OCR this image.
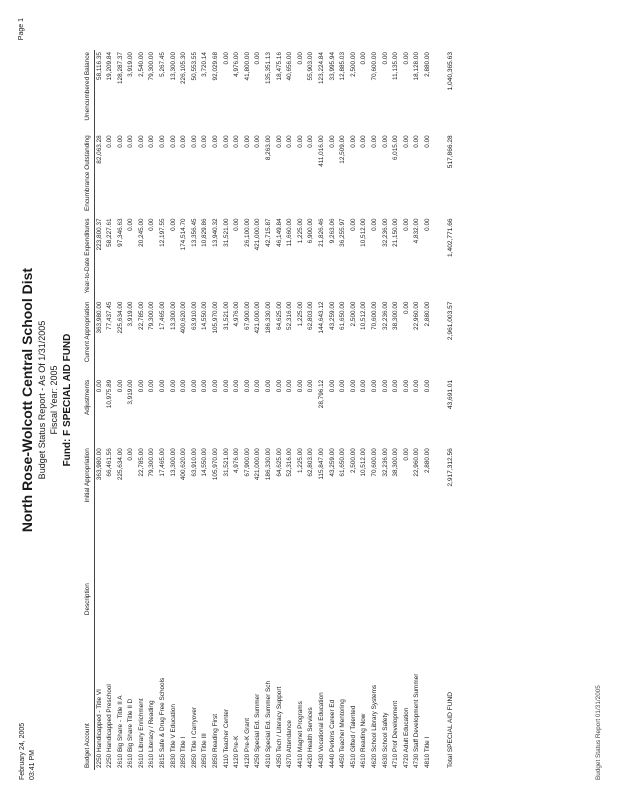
February 24, 2005 03:41 PM
Page 1
North Rose-Wolcott Central School Dist Budget Status Report - As Of 1/31/2005 Fiscal Year: 2005 Fund: F SPECIAL AID FUND
Budget Account	Description	Initial Appropriation	Adjustments	Current Appropriation	Year-to-Date Expenditures	Encumbrance Outstanding	Unencumbered Balance
2250 Handicapped - Title VI		363,980.00	0.00	363,980.00	223,800.37	82,063.28	58,116.35
2250 Handicapped Preschool		66,461.56	10,975.89	77,437.45	58,227.61	0.00	19,209.84
2610 Big Share - Title II A		225,634.00	0.00	225,634.00	97,346.63	0.00	128,287.37
2610 Big Share Title II D		0.00	3,919.00	3,919.00	0.00	0.00	3,919.00
2610 Library Enrichment		22,785.00	0.00	22,785.00	20,245.00	0.00	2,540.00
2610 Literacy / Reading		79,300.00	0.00	79,300.00	0.00	0.00	79,300.00
2815 Safe & Drug Free Schools		17,465.00	0.00	17,465.00	12,197.55	0.00	5,267.45
2830 Title V Education		13,300.00	0.00	13,300.00	0.00	0.00	13,300.00
2850 Title I		400,620.00	0.00	400,620.00	174,514.70	0.00	226,105.30
2850 Title I Carryover		63,910.00	0.00	63,910.00	13,356.45	0.00	50,553.55
2850 Title III		14,550.00	0.00	14,550.00	10,829.86	0.00	3,720.14
2850 Reading First		105,970.00	0.00	105,970.00	13,940.32	0.00	92,029.68
4110 Teacher Center		31,521.00	0.00	31,521.00	31,521.00	0.00	0.00
4120 Pre-K		4,976.00	0.00	4,976.00	0.00	0.00	4,976.00
4120 Pre-K Grant		67,900.00	0.00	67,900.00	26,100.00	0.00	41,800.00
4250 Special Ed. Summer		421,000.00	0.00	421,000.00	421,000.00	0.00	0.00
4310 Special Ed. Summer Sch		186,330.00	0.00	186,330.00	42,715.87	8,263.00	135,351.13
4350 Tech / Literacy Support		64,625.00	0.00	64,625.00	46,149.84	0.00	18,475.16
4370 Attendance		52,316.00	0.00	52,316.00	11,660.00	0.00	40,656.00
4410 Magnet Programs		1,225.00	0.00	1,225.00	1,225.00	0.00	0.00
4420 Health Services		62,803.00	0.00	62,803.00	6,900.00	0.00	55,903.00
4430 Vocational Education		115,847.00	28,796.12	144,643.12	21,826.46	411,016.00	123,224.84
4440 Perkins Career Ed		43,259.00	0.00	43,259.00	9,263.06	0.00	33,995.94
4450 Teacher Mentoring		61,650.00	0.00	61,650.00	36,255.97	12,509.00	12,885.03
4510 Gifted / Talented		2,500.00	0.00	2,500.00	0.00	0.00	2,500.00
4610 Reading Now		10,512.00	0.00	10,512.00	10,512.00	0.00	0.00
4620 School Library Systems		70,600.00	0.00	70,600.00	0.00	0.00	70,600.00
4630 School Safety		32,236.00	0.00	32,236.00	32,236.00	0.00	0.00
4710 Prof Development		38,300.00	0.00	38,300.00	21,150.00	6,015.00	11,135.00
4720 Adult Education		0.00	0.00	0.00	0.00	0.00	0.00
4730 Staff Development Summer		22,960.00	0.00	22,960.00	4,832.00	0.00	18,128.00
4810 Title I		2,880.00	0.00	2,880.00	0.00	0.00	2,880.00
Total SPECIAL AID FUND		2,917,312.56	43,691.01	2,961,003.57	1,402,771.66	517,866.28	1,040,365.63
Budget Status Report 01/31/2005
